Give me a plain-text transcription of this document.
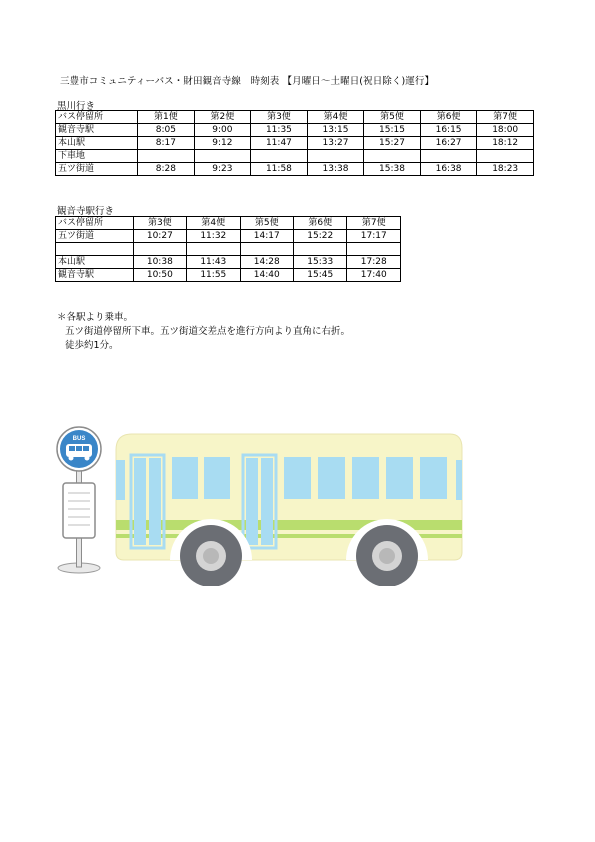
三豊市コミュニティーバス・財田観音寺線　時刻表 【月曜日～土曜日(祝日除く)運行】
黒川行き
バス停留所	第1便	第2便	第3便	第4便	第5便	第6便	第7便
観音寺駅	8:05	9:00	11:35	13:15	15:15	16:15	18:00
本山駅	8:17	9:12	11:47	13:27	15:27	16:27	18:12
下車地							
五ツ街道	8:28	9:23	11:58	13:38	15:38	16:38	18:23
観音寺駅行き
バス停留所	第3便	第4便	第5便	第6便	第7便
五ツ街道	10:27	11:32	14:17	15:22	17:17

本山駅	10:38	11:43	14:28	15:33	17:28
観音寺駅	10:50	11:55	14:40	15:45	17:40
＊各駅より乗車。
五ツ街道停留所下車。五ツ街道交差点を進行方向より直角に右折。
徒歩約1分。
BUS
